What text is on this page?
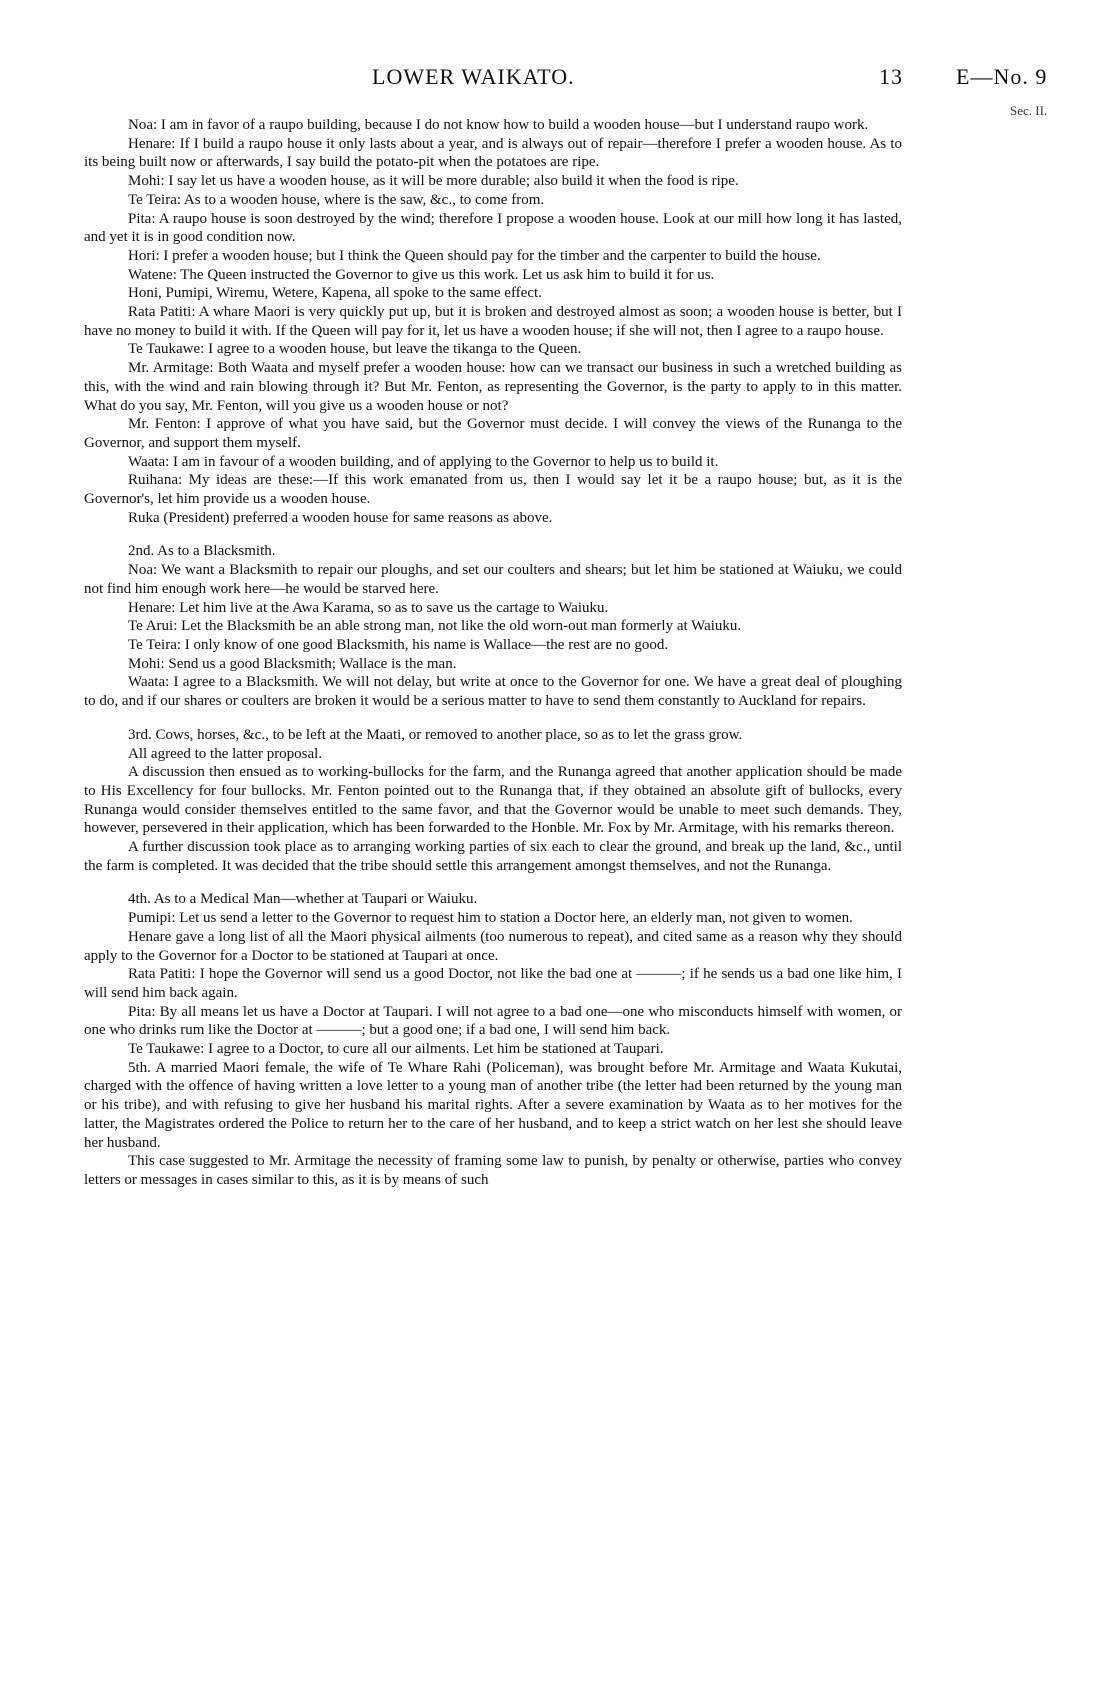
LOWER WAIKATO.	13 E—No. 9
Sec. II.

Noa: I am in favor of a raupo building, because I do not know how to build a wooden house—but I understand raupo work.

Henare: If I build a raupo house it only lasts about a year, and is always out of repair—therefore I prefer a wooden house. As to its being built now or afterwards, I say build the potato-pit when the potatoes are ripe.

Mohi: I say let us have a wooden house, as it will be more durable; also build it when the food is ripe.

Te Teira: As to a wooden house, where is the saw, &c., to come from.

Pita: A raupo house is soon destroyed by the wind; therefore I propose a wooden house. Look at our mill how long it has lasted, and yet it is in good condition now.

Hori: I prefer a wooden house; but I think the Queen should pay for the timber and the carpenter to build the house.

Watene: The Queen instructed the Governor to give us this work. Let us ask him to build it for us.

Honi, Pumipi, Wiremu, Wetere, Kapena, all spoke to the same effect.

Rata Patiti: A whare Maori is very quickly put up, but it is broken and destroyed almost as soon; a wooden house is better, but I have no money to build it with. If the Queen will pay for it, let us have a wooden house; if she will not, then I agree to a raupo house.

Te Taukawe: I agree to a wooden house, but leave the tikanga to the Queen.

Mr. Armitage: Both Waata and myself prefer a wooden house: how can we transact our business in such a wretched building as this, with the wind and rain blowing through it? But Mr. Fenton, as representing the Governor, is the party to apply to in this matter. What do you say, Mr. Fenton, will you give us a wooden house or not?

Mr. Fenton: I approve of what you have said, but the Governor must decide. I will convey the views of the Runanga to the Governor, and support them myself.

Waata: I am in favour of a wooden building, and of applying to the Governor to help us to build it.

Ruihana: My ideas are these:—If this work emanated from us, then I would say let it be a raupo house; but, as it is the Governor's, let him provide us a wooden house.

Ruka (President) preferred a wooden house for same reasons as above.

2nd. As to a Blacksmith.

Noa: We want a Blacksmith to repair our ploughs, and set our coulters and shears; but let him be stationed at Waiuku, we could not find him enough work here—he would be starved here.

Henare: Let him live at the Awa Karama, so as to save us the cartage to Waiuku.

Te Arui: Let the Blacksmith be an able strong man, not like the old worn-out man formerly at Waiuku.

Te Teira: I only know of one good Blacksmith, his name is Wallace—the rest are no good.

Mohi: Send us a good Blacksmith; Wallace is the man.

Waata: I agree to a Blacksmith. We will not delay, but write at once to the Governor for one. We have a great deal of ploughing to do, and if our shares or coulters are broken it would be a serious matter to have to send them constantly to Auckland for repairs.

3rd. Cows, horses, &c., to be left at the Maati, or removed to another place, so as to let the grass grow.

All agreed to the latter proposal.

A discussion then ensued as to working-bullocks for the farm, and the Runanga agreed that another application should be made to His Excellency for four bullocks. Mr. Fenton pointed out to the Runanga that, if they obtained an absolute gift of bullocks, every Runanga would consider themselves entitled to the same favor, and that the Governor would be unable to meet such demands. They, however, persevered in their application, which has been forwarded to the Honble. Mr. Fox by Mr. Armitage, with his remarks thereon.

A further discussion took place as to arranging working parties of six each to clear the ground, and break up the land, &c., until the farm is completed. It was decided that the tribe should settle this arrangement amongst themselves, and not the Runanga.

4th. As to a Medical Man—whether at Taupari or Waiuku.

Pumipi: Let us send a letter to the Governor to request him to station a Doctor here, an elderly man, not given to women.

Henare gave a long list of all the Maori physical ailments (too numerous to repeat), and cited same as a reason why they should apply to the Governor for a Doctor to be stationed at Taupari at once.

Rata Patiti: I hope the Governor will send us a good Doctor, not like the bad one at ———; if he sends us a bad one like him, I will send him back again.

Pita: By all means let us have a Doctor at Taupari. I will not agree to a bad one—one who misconducts himself with women, or one who drinks rum like the Doctor at ———; but a good one; if a bad one, I will send him back.

Te Taukawe: I agree to a Doctor, to cure all our ailments. Let him be stationed at Taupari.

5th. A married Maori female, the wife of Te Whare Rahi (Policeman), was brought before Mr. Armitage and Waata Kukutai, charged with the offence of having written a love letter to a young man of another tribe (the letter had been returned by the young man or his tribe), and with refusing to give her husband his marital rights. After a severe examination by Waata as to her motives for the latter, the Magistrates ordered the Police to return her to the care of her husband, and to keep a strict watch on her lest she should leave her husband.

This case suggested to Mr. Armitage the necessity of framing some law to punish, by penalty or otherwise, parties who convey letters or messages in cases similar to this, as it is by means of such
